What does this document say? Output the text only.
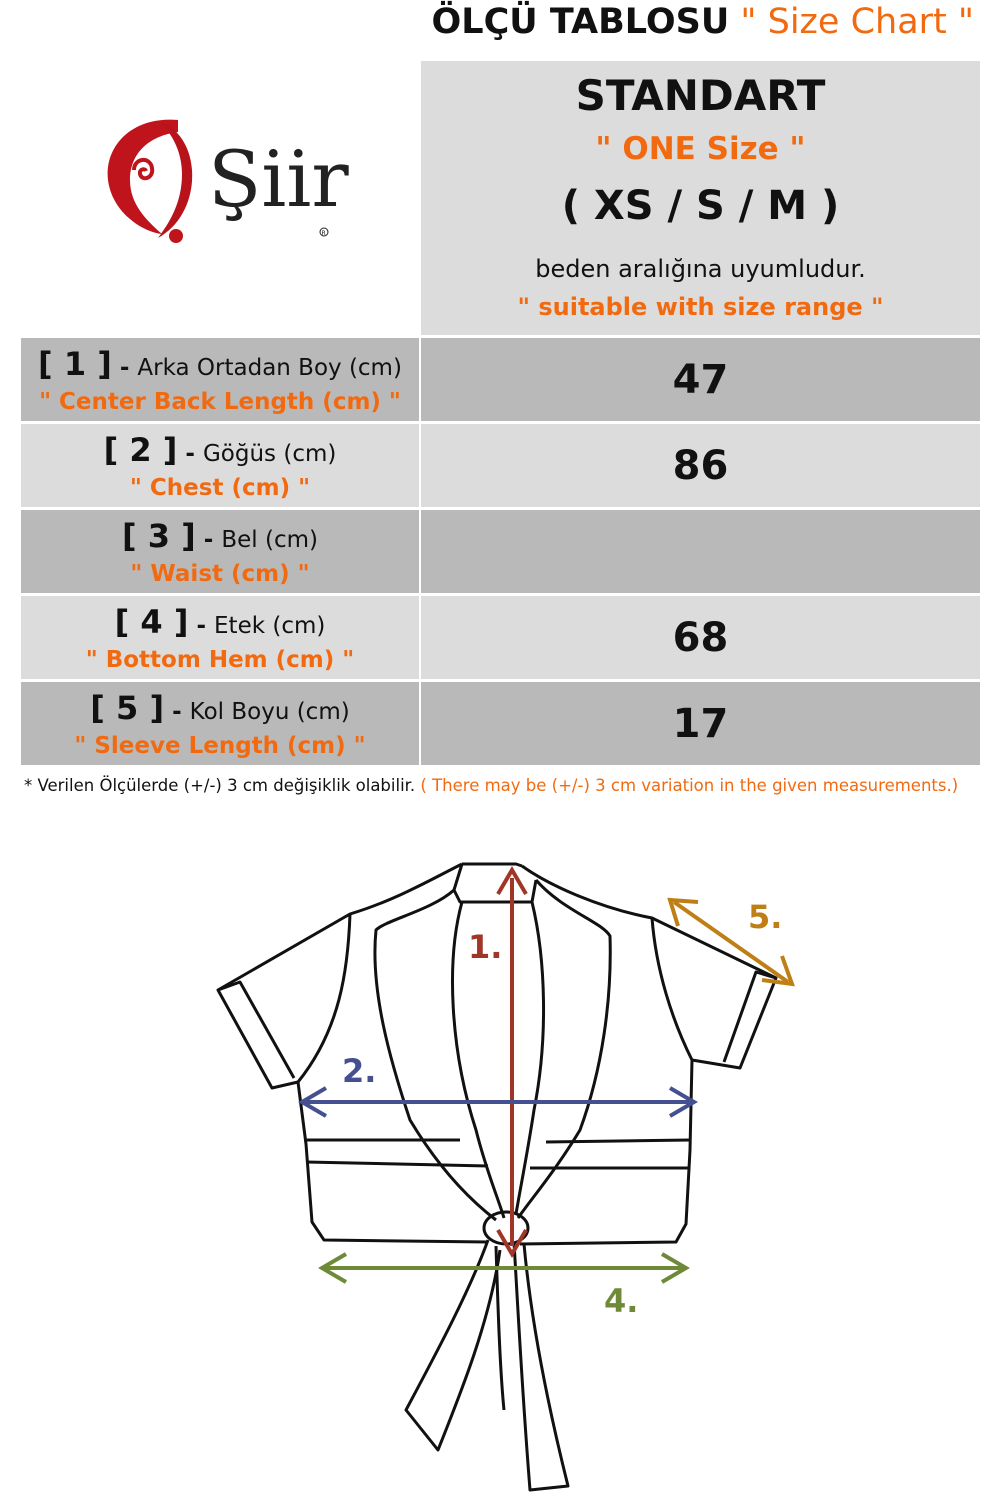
ÖLÇÜ TABLOSU " Size Chart "
Şiir
R
STANDART
" ONE Size "
( XS / S / M )
beden aralığına uyumludur.
" suitable with size range "
[ 1 ] - Arka Ortadan Boy (cm)
" Center Back Length (cm) "	47
[ 2 ] - Göğüs (cm)
" Chest (cm) "	86
[ 3 ] - Bel (cm)
" Waist (cm) "
[ 4 ] - Etek (cm)
" Bottom Hem (cm) "	68
[ 5 ] - Kol Boyu (cm)
" Sleeve Length (cm) "	17
* Verilen Ölçülerde (+/-) 3 cm değişiklik olabilir. ( There may be (+/-) 3 cm variation in the given measurements.)
1.
2.
4.
5.
